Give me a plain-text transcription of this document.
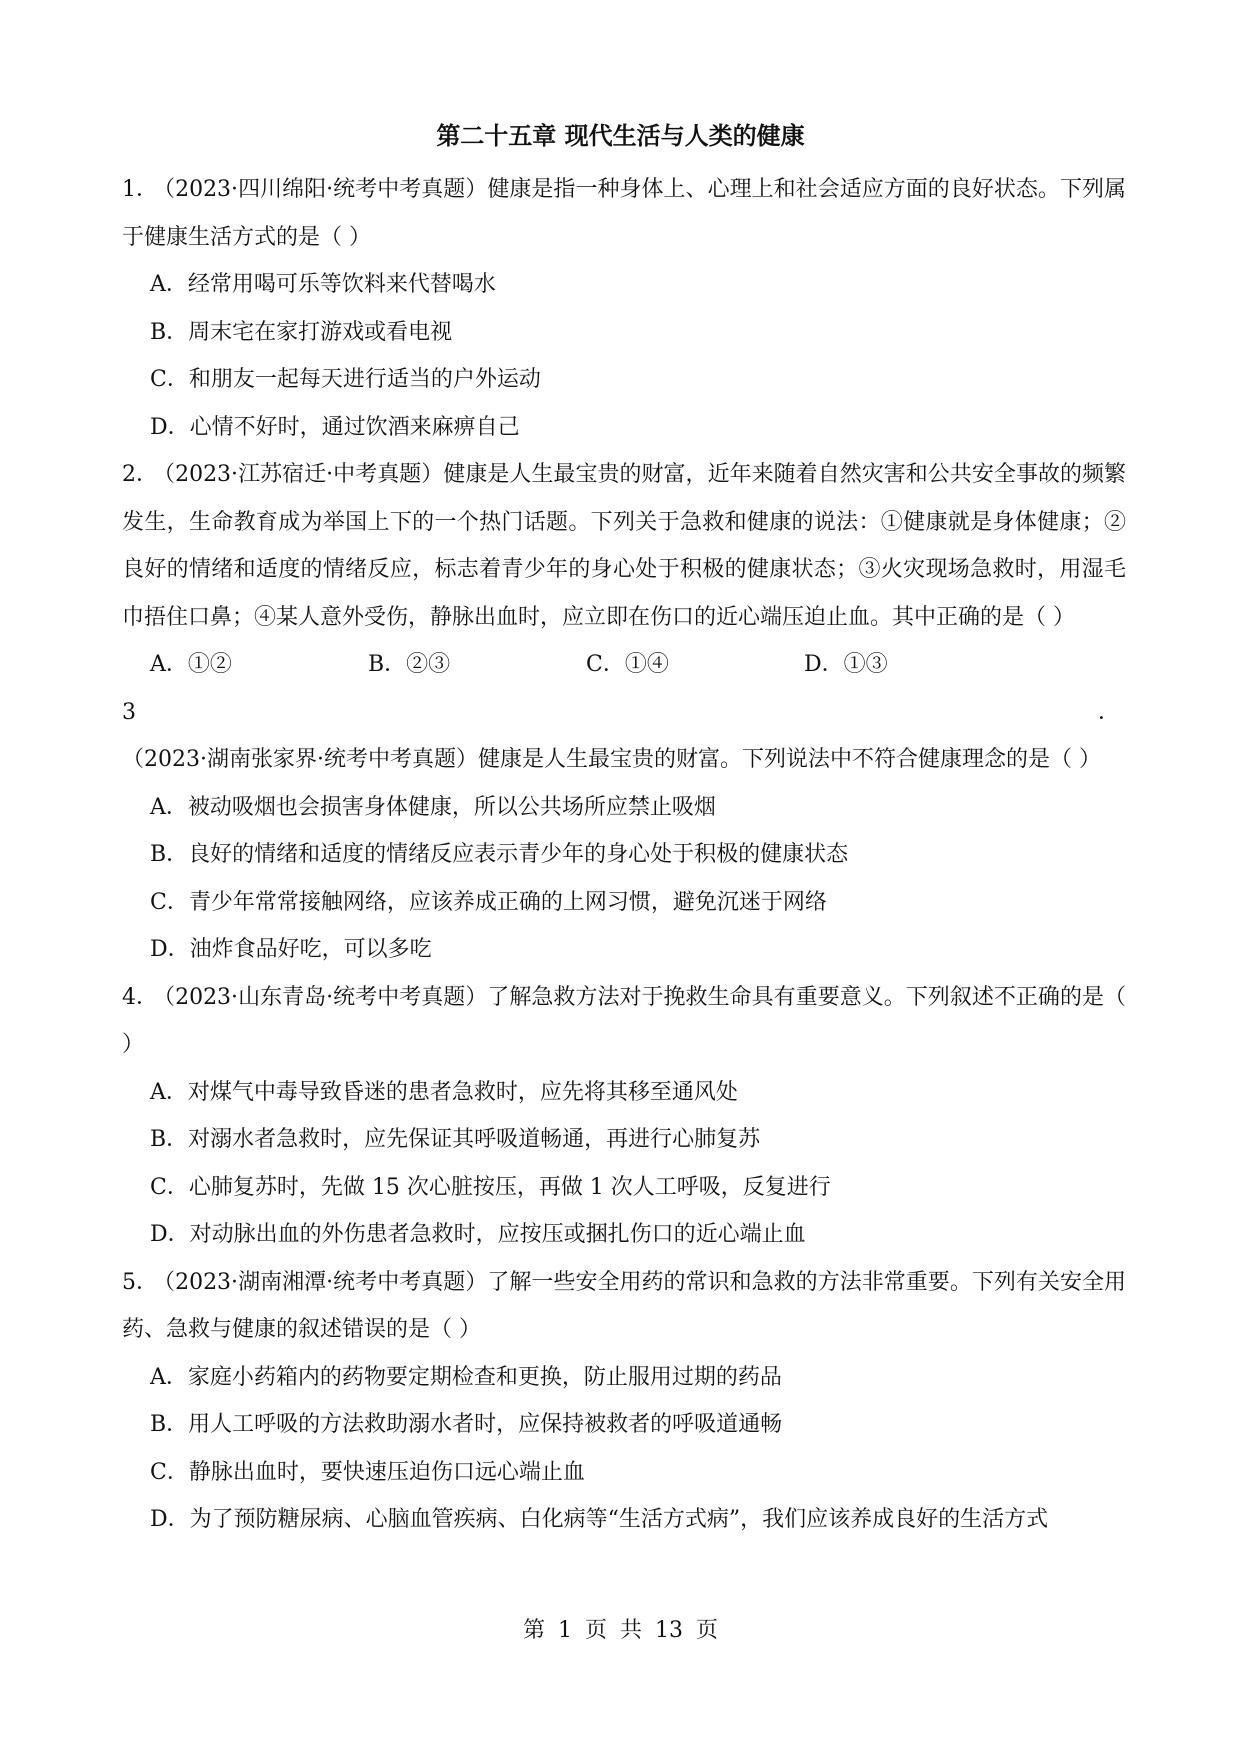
第二十五章 现代生活与人类的健康

1． （2023·四川绵阳·统考中考真题）健康是指一种身体上、心理上和社会适应方面的良好状态。下列属于健康生活方式的是（ ）

A．经常用喝可乐等饮料来代替喝水

B．周末宅在家打游戏或看电视

C．和朋友一起每天进行适当的户外运动

D．心情不好时，通过饮酒来麻痹自己

2． （2023·江苏宿迁·中考真题）健康是人生最宝贵的财富，近年来随着自然灾害和公共安全事故的频繁发生，生命教育成为举国上下的一个热门话题。下列关于急救和健康的说法：①健康就是身体健康；②良好的情绪和适度的情绪反应，标志着青少年的身心处于积极的健康状态；③火灾现场急救时，用湿毛巾捂住口鼻；④某人意外受伤，静脉出血时，应立即在伤口的近心端压迫止血。其中正确的是（ ）

A．①②	B．②③	C．①④	D．①③

3．（2023·湖南张家界·统考中考真题）健康是人生最宝贵的财富。下列说法中不符合健康理念的是（ ）

A．被动吸烟也会损害身体健康，所以公共场所应禁止吸烟

B．良好的情绪和适度的情绪反应表示青少年的身心处于积极的健康状态

C．青少年常常接触网络，应该养成正确的上网习惯，避免沉迷于网络

D．油炸食品好吃，可以多吃

4． （2023·山东青岛·统考中考真题）了解急救方法对于挽救生命具有重要意义。下列叙述不正确的是（ ）

A．对煤气中毒导致昏迷的患者急救时，应先将其移至通风处

B．对溺水者急救时，应先保证其呼吸道畅通，再进行心肺复苏

C．心肺复苏时，先做 15 次心脏按压，再做 1 次人工呼吸，反复进行

D．对动脉出血的外伤患者急救时，应按压或捆扎伤口的近心端止血

5． （2023·湖南湘潭·统考中考真题）了解一些安全用药的常识和急救的方法非常重要。下列有关安全用药、急救与健康的叙述错误的是（ ）

A．家庭小药箱内的药物要定期检查和更换，防止服用过期的药品

B．用人工呼吸的方法救助溺水者时，应保持被救者的呼吸道通畅

C．静脉出血时，要快速压迫伤口远心端止血

D．为了预防糖尿病、心脑血管疾病、白化病等“生活方式病”，我们应该养成良好的生活方式

第 1 页 共 13 页
